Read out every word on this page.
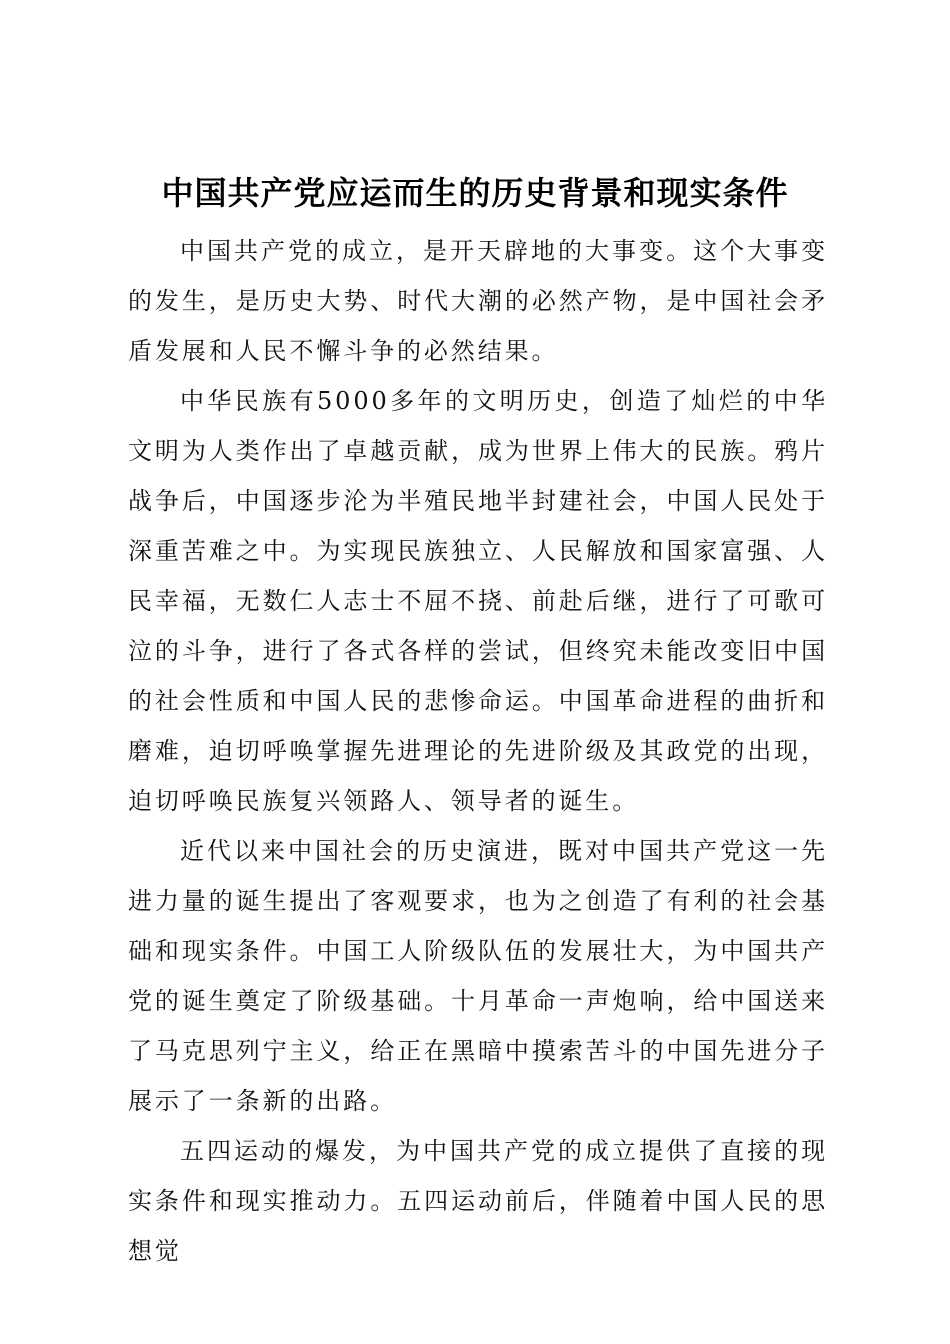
中国共产党应运而生的历史背景和现实条件

中国共产党的成立，是开天辟地的大事变。这个大事变的发生，是历史大势、时代大潮的必然产物，是中国社会矛盾发展和人民不懈斗争的必然结果。

中华民族有5000多年的文明历史，创造了灿烂的中华文明为人类作出了卓越贡献，成为世界上伟大的民族。鸦片战争后，中国逐步沦为半殖民地半封建社会，中国人民处于深重苦难之中。为实现民族独立、人民解放和国家富强、人民幸福，无数仁人志士不屈不挠、前赴后继，进行了可歌可泣的斗争，进行了各式各样的尝试，但终究未能改变旧中国的社会性质和中国人民的悲惨命运。中国革命进程的曲折和磨难，迫切呼唤掌握先进理论的先进阶级及其政党的出现，迫切呼唤民族复兴领路人、领导者的诞生。

近代以来中国社会的历史演进，既对中国共产党这一先进力量的诞生提出了客观要求，也为之创造了有利的社会基础和现实条件。中国工人阶级队伍的发展壮大，为中国共产党的诞生奠定了阶级基础。十月革命一声炮响，给中国送来了马克思列宁主义，给正在黑暗中摸索苦斗的中国先进分子展示了一条新的出路。

五四运动的爆发，为中国共产党的成立提供了直接的现实条件和现实推动力。五四运动前后，伴随着中国人民的思想觉
